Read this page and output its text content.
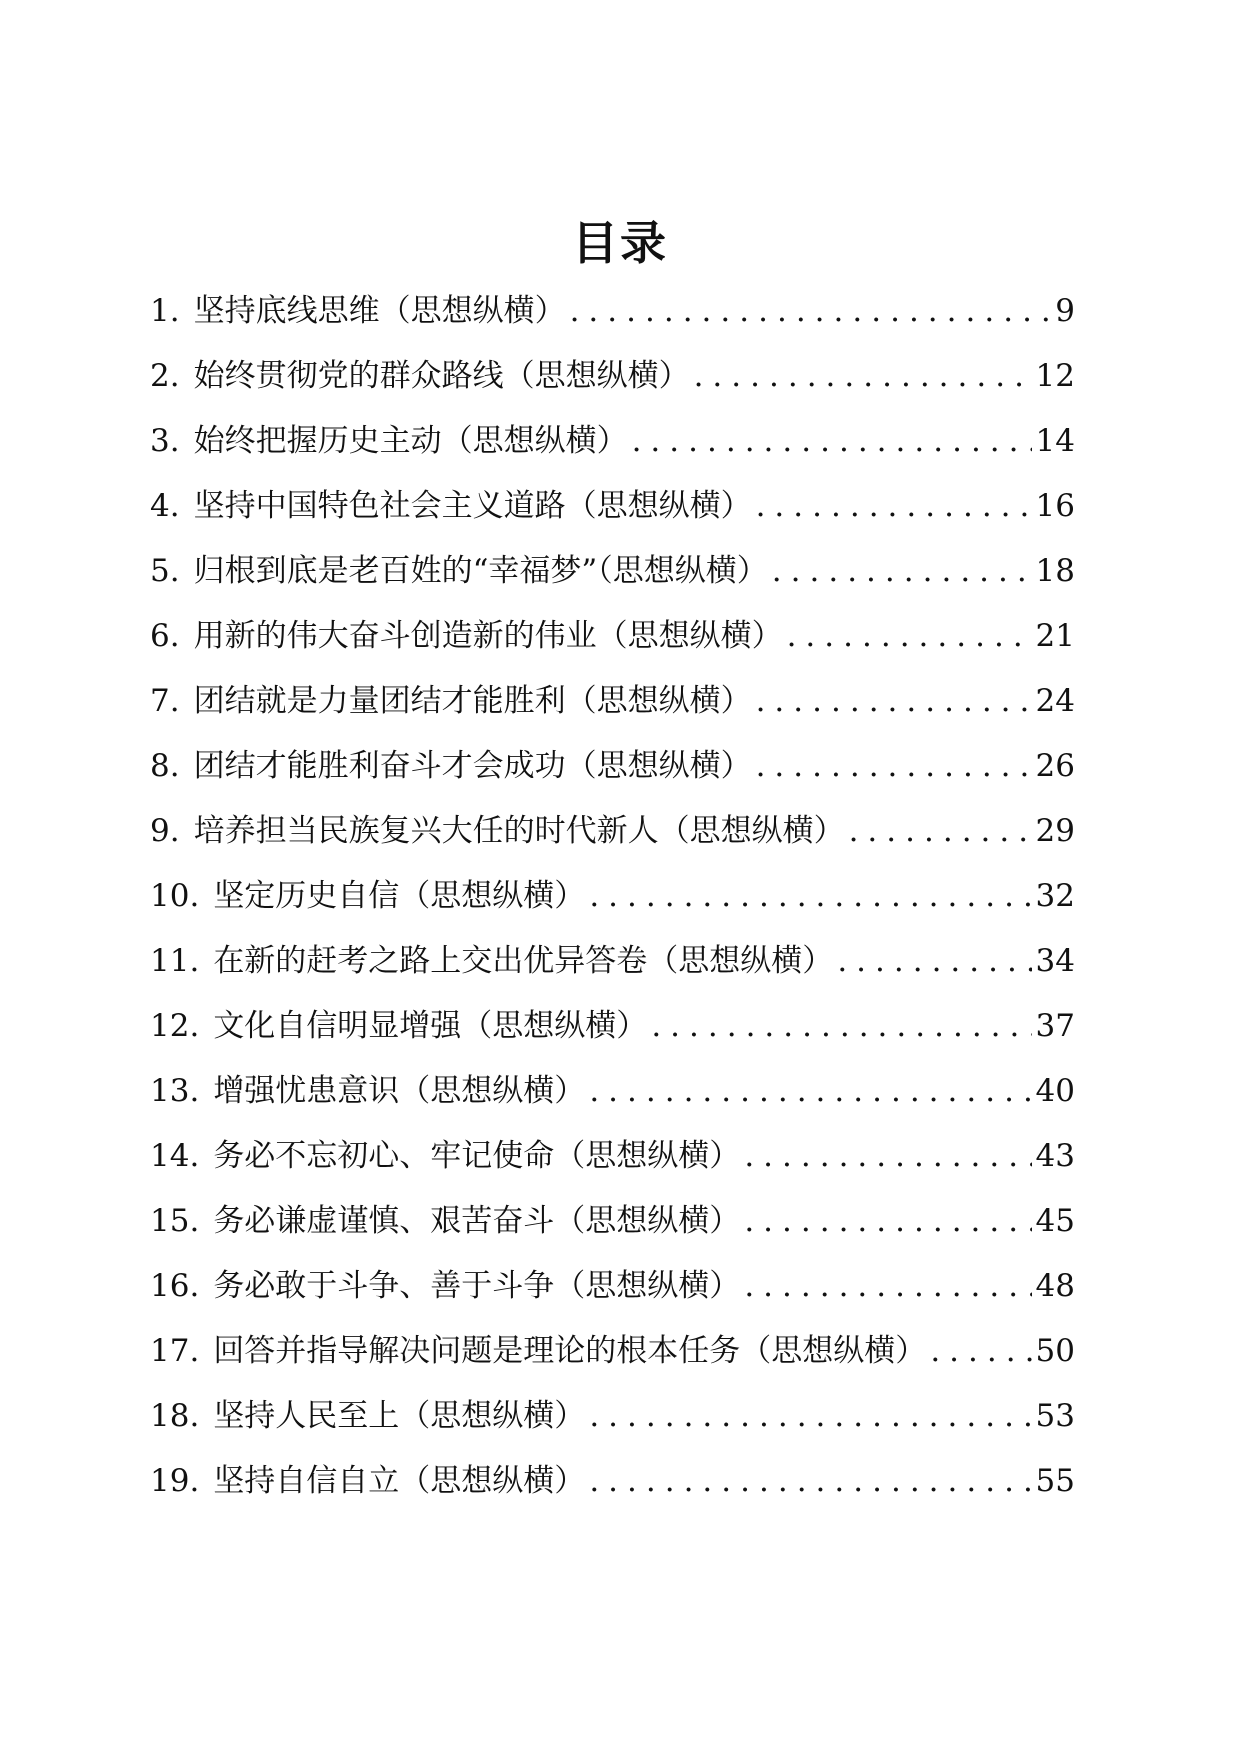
目录
1. 坚持底线思维（思想纵横） .....	9
2. 始终贯彻党的群众路线（思想纵横） .....	12
3. 始终把握历史主动（思想纵横） .....	14
4. 坚持中国特色社会主义道路（思想纵横） .....	16
5. 归根到底是老百姓的“幸福梦”（思想纵横） .....	18
6. 用新的伟大奋斗创造新的伟业（思想纵横） .....	21
7. 团结就是力量团结才能胜利（思想纵横） .....	24
8. 团结才能胜利奋斗才会成功（思想纵横） .....	26
9. 培养担当民族复兴大任的时代新人（思想纵横） .....	29
10. 坚定历史自信（思想纵横） .....	32
11. 在新的赶考之路上交出优异答卷（思想纵横） .....	34
12. 文化自信明显增强（思想纵横） .....	37
13. 增强忧患意识（思想纵横） .....	40
14. 务必不忘初心、牢记使命（思想纵横） .....	43
15. 务必谦虚谨慎、艰苦奋斗（思想纵横） .....	45
16. 务必敢于斗争、善于斗争（思想纵横） .....	48
17. 回答并指导解决问题是理论的根本任务（思想纵横） .....	50
18. 坚持人民至上（思想纵横） .....	53
19. 坚持自信自立（思想纵横） .....	55
